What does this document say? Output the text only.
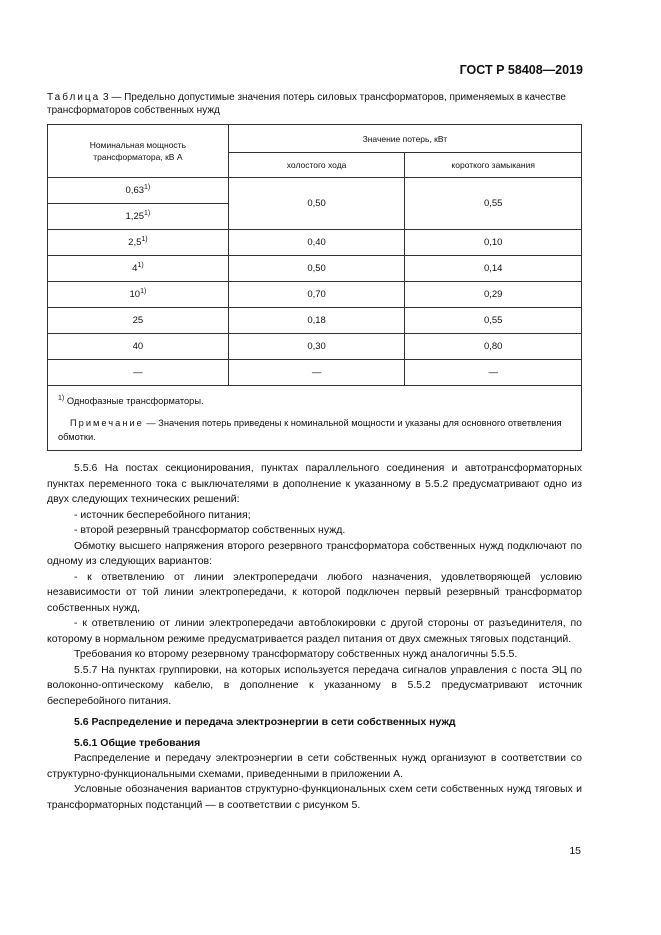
ГОСТ Р 58408—2019
Таблица 3 — Предельно допустимые значения потерь силовых трансформаторов, применяемых в качестве трансформаторов собственных нужд
Номинальная мощность трансформатора, кВ А	Значение потерь, кВт	
	холостого хода	короткого замыкания
0,63$^{1)}$	0,50	0,55
1,25$^{1)}$
2,5$^{1)}$	0,40	0,10
4$^{1)}$	0,50	0,14
10$^{1)}$	0,70	0,29
25	0,18	0,55
40	0,30	0,80
—	—	—

$^{1)}$ Однофазные трансформаторы.

Примечание — Значения потерь приведены к номинальной мощности и указаны для основного ответвления обмотки.		

5.5.6 На постах секционирования, пунктах параллельного соединения и автотрансформаторных пунктах переменного тока с выключателями в дополнение к указанному в 5.5.2 предусматривают одно из двух следующих технических решений:

- источник бесперебойного питания;

- второй резервный трансформатор собственных нужд.

Обмотку высшего напряжения второго резервного трансформатора собственных нужд подключают по одному из следующих вариантов:

- к ответвлению от линии электропередачи любого назначения, удовлетворяющей условию независимости от той линии электропередачи, к которой подключен первый резервный трансформатор собственных нужд,

- к ответвлению от линии электропередачи автоблокировки с другой стороны от разъединителя, по которому в нормальном режиме предусматривается раздел питания от двух смежных тяговых подстанций.

Требования ко второму резервному трансформатору собственных нужд аналогичны 5.5.5.

5.5.7 На пунктах группировки, на которых используется передача сигналов управления с поста ЭЦ по волоконно-оптическому кабелю, в дополнение к указанному в 5.5.2 предусматривают источник бесперебойного питания.

5.6 Распределение и передача электроэнергии в сети собственных нужд

5.6.1 Общие требования

Распределение и передачу электроэнергии в сети собственных нужд организуют в соответствии со структурно-функциональными схемами, приведенными в приложении А.

Условные обозначения вариантов структурно-функциональных схем сети собственных нужд тяговых и трансформаторных подстанций — в соответствии с рисунком 5.

15
